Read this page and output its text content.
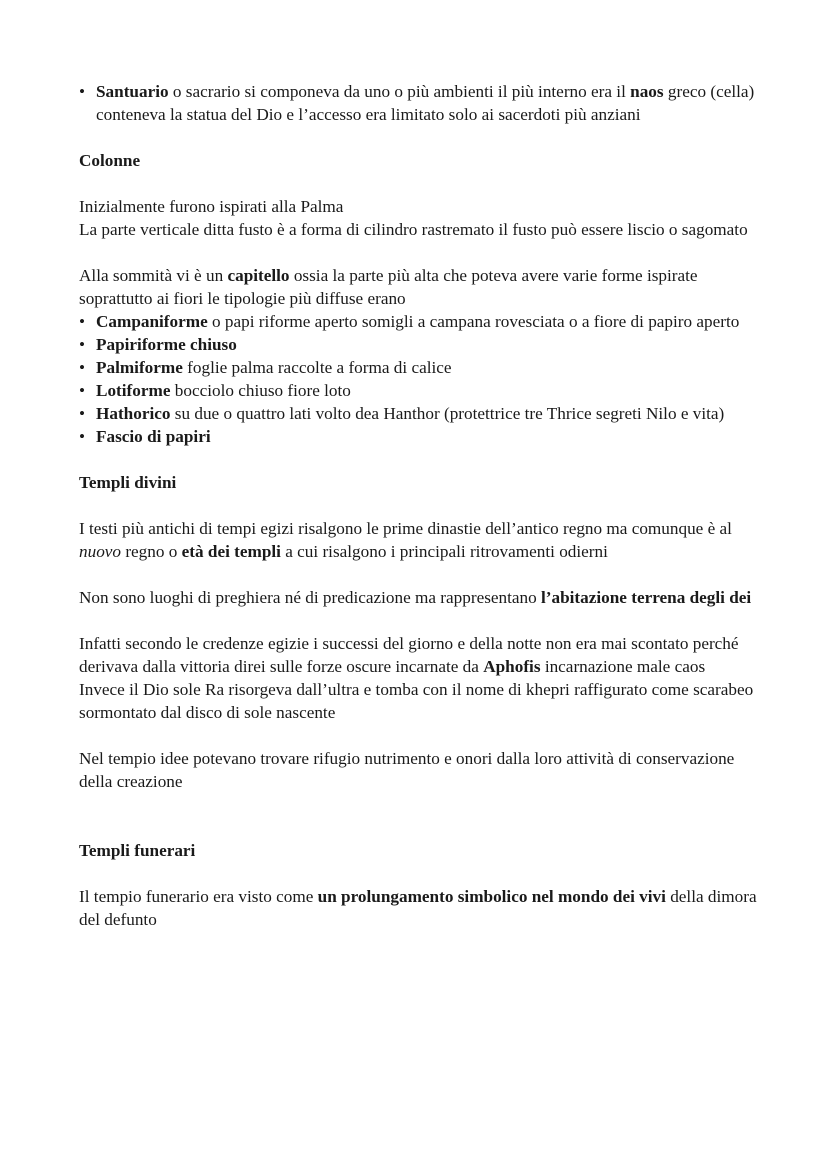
• Santuario o sacrario si componeva da uno o più ambienti il più interno era il naos greco (cella) conteneva la statua del Dio e l’accesso era limitato solo ai sacerdoti più anziani

Colonne

Inizialmente furono ispirati alla Palma

La parte verticale ditta fusto è a forma di cilindro rastremato il fusto può essere liscio o sagomato

Alla sommità vi è un capitello ossia la parte più alta che poteva avere varie forme ispirate soprattutto ai fiori le tipologie più diffuse erano

• Campaniforme o papi riforme aperto somigli a campana rovesciata o a fiore di papiro aperto
• Papiriforme chiuso
• Palmiforme foglie palma raccolte a forma di calice
• Lotiforme bocciolo chiuso fiore loto
• Hathorico su due o quattro lati volto dea Hanthor (protettrice tre Thrice segreti Nilo e vita)
• Fascio di papiri

Templi divini

I testi più antichi di tempi egizi risalgono le prime dinastie dell’antico regno ma comunque è al nuovo regno o età dei templi a cui risalgono i principali ritrovamenti odierni

Non sono luoghi di preghiera né di predicazione ma rappresentano l’abitazione terrena degli dei

Infatti secondo le credenze egizie i successi del giorno e della notte non era mai scontato perché derivava dalla vittoria direi sulle forze oscure incarnate da Aphofis incarnazione male caos

Invece il Dio sole Ra risorgeva dall’ultra e tomba con il nome di khepri raffigurato come scarabeo sormontato dal disco di sole nascente

Nel tempio idee potevano trovare rifugio nutrimento e onori dalla loro attività di conservazione della creazione

Templi funerari

Il tempio funerario era visto come un prolungamento simbolico nel mondo dei vivi della dimora del defunto
